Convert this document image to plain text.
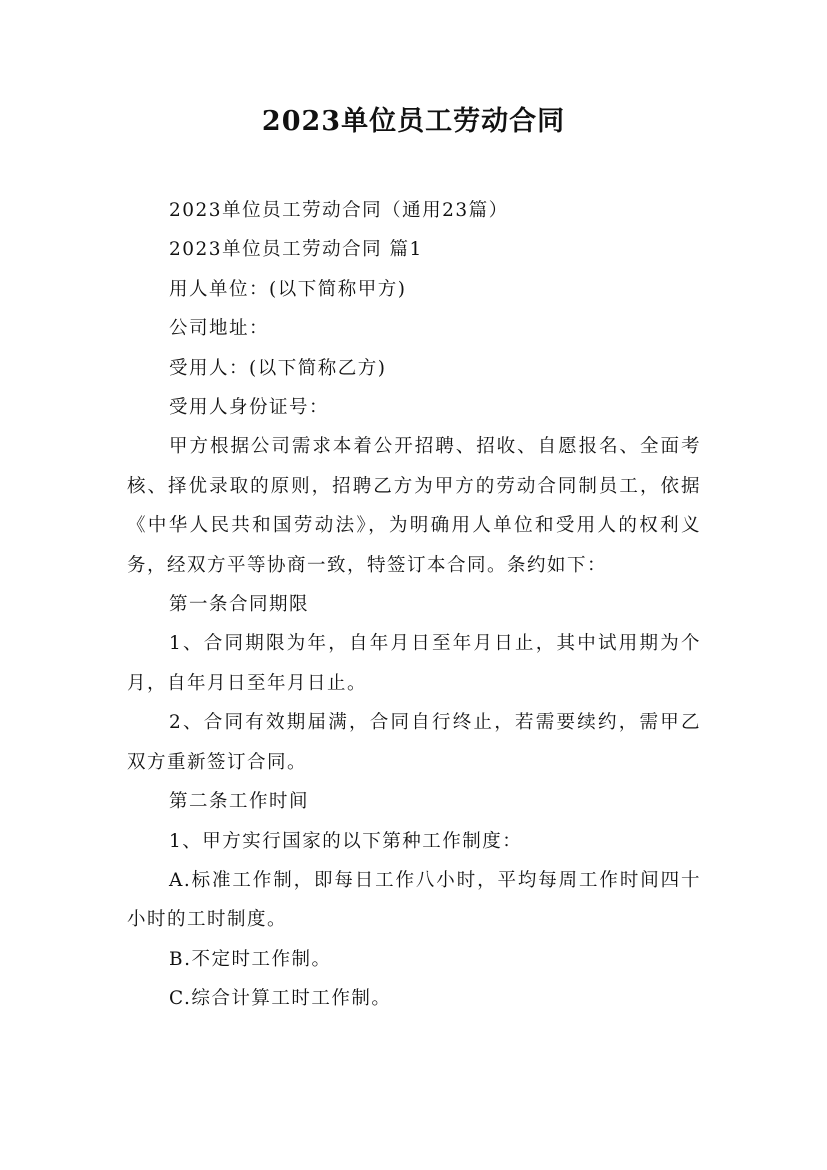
2023单位员工劳动合同

2023单位员工劳动合同（通用23篇）

2023单位员工劳动合同 篇1

用人单位：(以下简称甲方)

公司地址：

受用人：(以下简称乙方)

受用人身份证号：

甲方根据公司需求本着公开招聘、招收、自愿报名、全面考核、择优录取的原则，招聘乙方为甲方的劳动合同制员工，依据《中华人民共和国劳动法》，为明确用人单位和受用人的权利义务，经双方平等协商一致，特签订本合同。条约如下：

第一条合同期限

1、合同期限为年，自年月日至年月日止，其中试用期为个月，自年月日至年月日止。

2、合同有效期届满，合同自行终止，若需要续约，需甲乙双方重新签订合同。

第二条工作时间

1、甲方实行国家的以下第种工作制度：

A.标准工作制，即每日工作八小时，平均每周工作时间四十小时的工时制度。

B.不定时工作制。

C.综合计算工时工作制。
